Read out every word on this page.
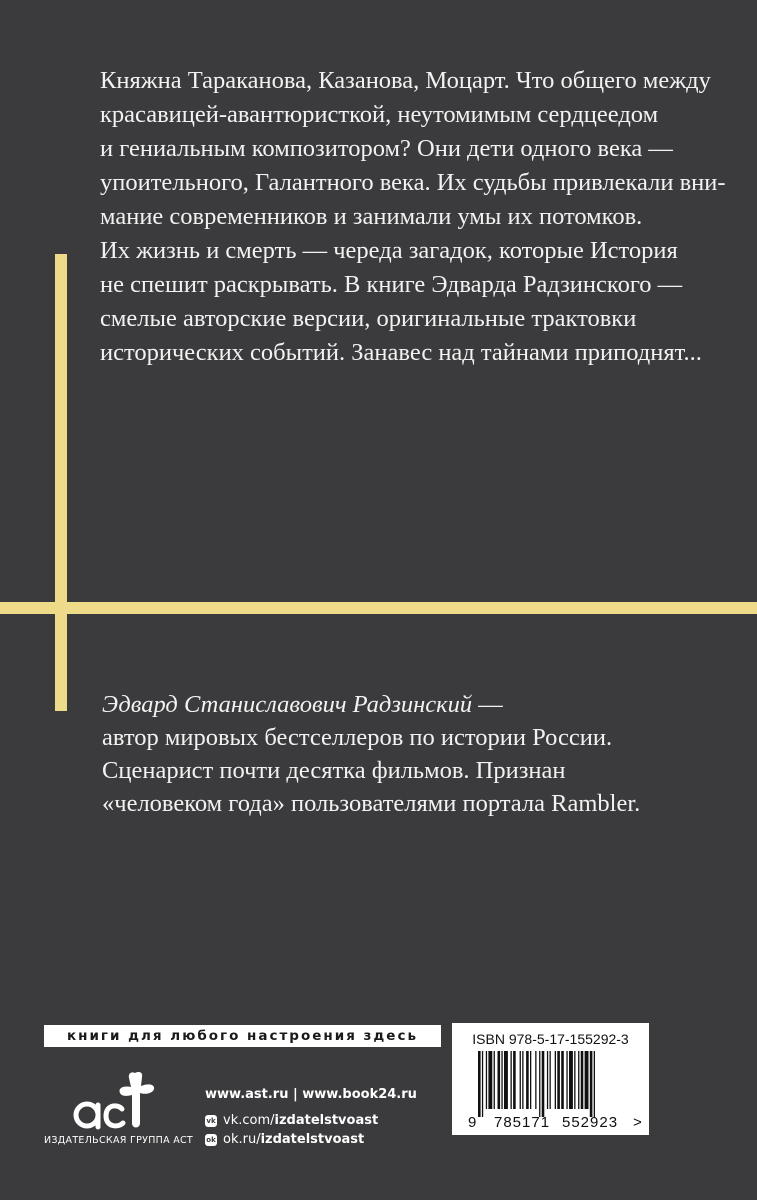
Княжна Тараканова, Казанова, Моцарт. Что общего между
красавицей-авантюристкой, неутомимым сердцеедом
и гениальным композитором? Они дети одного века —
упоительного, Галантного века. Их судьбы привлекали вни-
мание современников и занимали умы их потомков.
Их жизнь и смерть — череда загадок, которые История
не спешит раскрывать. В книге Эдварда Радзинского —
смелые авторские версии, оригинальные трактовки
исторических событий. Занавес над тайнами приподнят...
Эдвард Станиславович Радзинский —
автор мировых бестселлеров по истории России.
Сценарист почти десятка фильмов. Признан
«человеком года» пользователями портала Rambler.
книги для любого настроения здесь
ИЗДАТЕЛЬСКАЯ ГРУППА АСТ
www.ast.ru | www.book24.ru
vk vk.com/ izdatelstvoast
ok ok.ru/ izdatelstvoast
ISBN 978-5-17-155292-3
9 785171 552923 >
